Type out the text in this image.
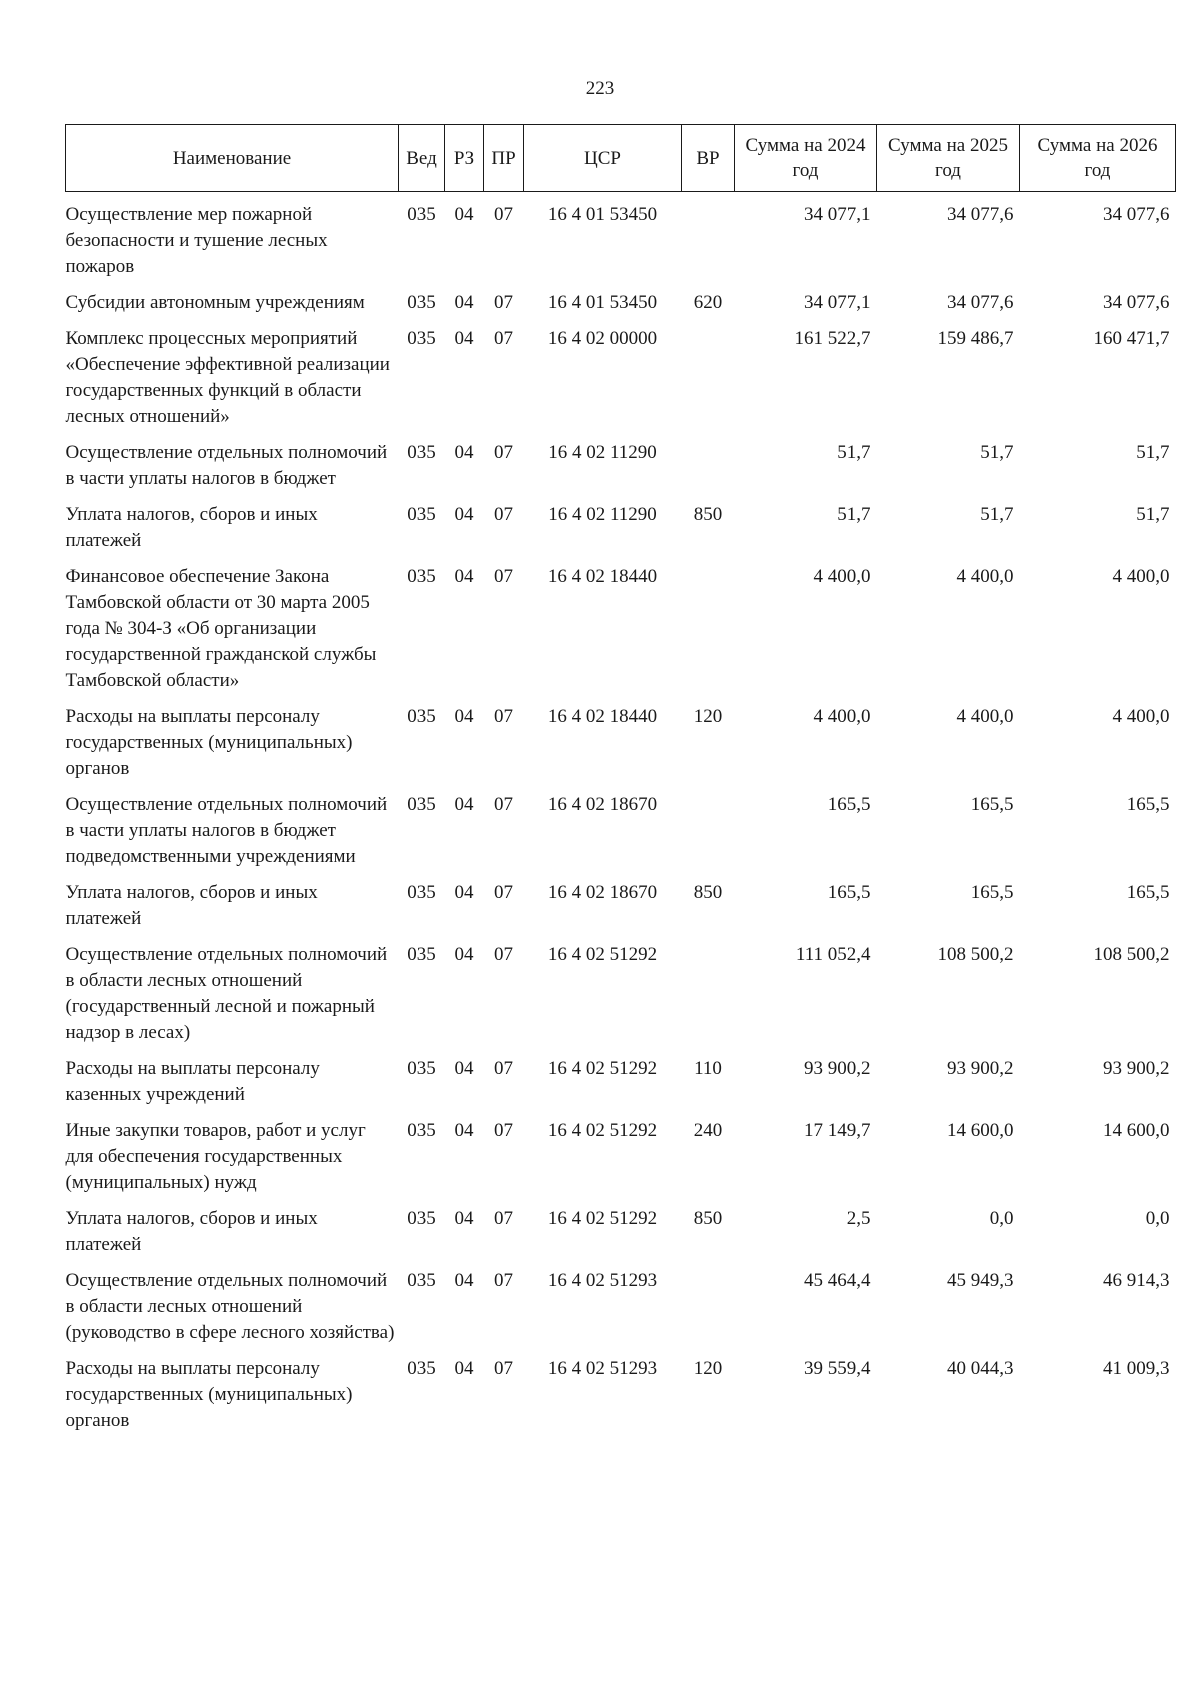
223
Наименование	Вед	РЗ	ПР	ЦСР	ВР	Сумма на 2024 год	Сумма на 2025 год	Сумма на 2026 год
Осуществление мер пожарной безопасности и тушение лесных пожаров	035	04	07	16 4 01 53450		34 077,1	34 077,6	34 077,6
Субсидии автономным учреждениям	035	04	07	16 4 01 53450	620	34 077,1	34 077,6	34 077,6
Комплекс процессных мероприятий «Обеспечение эффективной реализации государственных функций в области лесных отношений»	035	04	07	16 4 02 00000		161 522,7	159 486,7	160 471,7
Осуществление отдельных полномочий в части уплаты налогов в бюджет	035	04	07	16 4 02 11290		51,7	51,7	51,7
Уплата налогов, сборов и иных платежей	035	04	07	16 4 02 11290	850	51,7	51,7	51,7
Финансовое обеспечение Закона Тамбовской области от 30 марта 2005 года № 304-З «Об организации государственной гражданской службы Тамбовской области»	035	04	07	16 4 02 18440		4 400,0	4 400,0	4 400,0
Расходы на выплаты персоналу государственных (муниципальных) органов	035	04	07	16 4 02 18440	120	4 400,0	4 400,0	4 400,0
Осуществление отдельных полномочий в части уплаты налогов в бюджет подведомственными учреждениями	035	04	07	16 4 02 18670		165,5	165,5	165,5
Уплата налогов, сборов и иных платежей	035	04	07	16 4 02 18670	850	165,5	165,5	165,5
Осуществление отдельных полномочий в области лесных отношений (государственный лесной и пожарный надзор в лесах)	035	04	07	16 4 02 51292		111 052,4	108 500,2	108 500,2
Расходы на выплаты персоналу казенных учреждений	035	04	07	16 4 02 51292	110	93 900,2	93 900,2	93 900,2
Иные закупки товаров, работ и услуг для обеспечения государственных (муниципальных) нужд	035	04	07	16 4 02 51292	240	17 149,7	14 600,0	14 600,0
Уплата налогов, сборов и иных платежей	035	04	07	16 4 02 51292	850	2,5	0,0	0,0
Осуществление отдельных полномочий в области лесных отношений (руководство в сфере лесного хозяйства)	035	04	07	16 4 02 51293		45 464,4	45 949,3	46 914,3
Расходы на выплаты персоналу государственных (муниципальных) органов	035	04	07	16 4 02 51293	120	39 559,4	40 044,3	41 009,3
